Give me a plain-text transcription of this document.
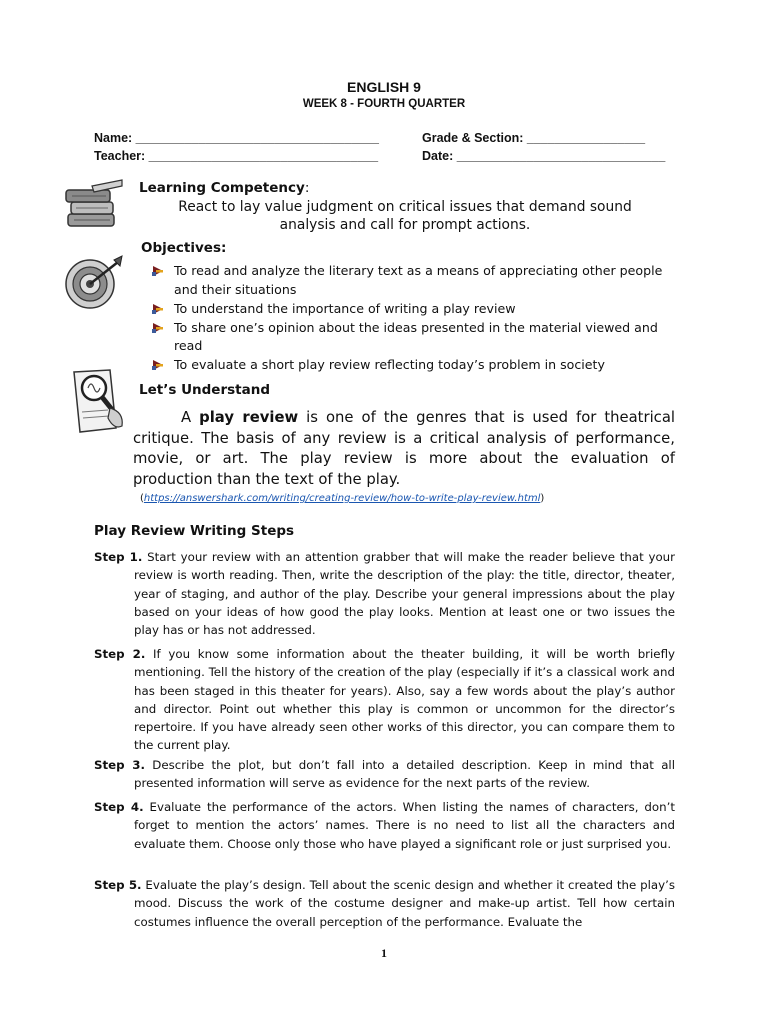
ENGLISH 9
WEEK 8 - FOURTH QUARTER
Name: ___________________________________
Teacher: _________________________________
Grade & Section: _________________
Date: ______________________________
Learning Competency:
React to lay value judgment on critical issues that demand sound analysis and call for prompt actions.
Objectives:
To read and analyze the literary text as a means of appreciating other people and their situations
To understand the importance of writing a play review
To share one’s opinion about the ideas presented in the material viewed and read
To evaluate a short play review reflecting today’s problem in society
Let’s Understand
A play review is one of the genres that is used for theatrical critique. The basis of any review is a critical analysis of performance, movie, or art. The play review is more about the evaluation of production than the text of the play.
(https://answershark.com/writing/creating-review/how-to-write-play-review.html)
Play Review Writing Steps
Step 1. Start your review with an attention grabber that will make the reader believe that your review is worth reading. Then, write the description of the play: the title, director, theater, year of staging, and author of the play. Describe your general impressions about the play based on your ideas of how good the play looks. Mention at least one or two issues the play has or has not addressed.
Step 2. If you know some information about the theater building, it will be worth briefly mentioning. Tell the history of the creation of the play (especially if it’s a classical work and has been staged in this theater for years). Also, say a few words about the play’s author and director. Point out whether this play is common or uncommon for the director’s repertoire. If you have already seen other works of this director, you can compare them to the current play.
Step 3. Describe the plot, but don’t fall into a detailed description. Keep in mind that all presented information will serve as evidence for the next parts of the review.
Step 4. Evaluate the performance of the actors. When listing the names of characters, don’t forget to mention the actors’ names. There is no need to list all the characters and evaluate them. Choose only those who have played a significant role or just surprised you.
Step 5. Evaluate the play’s design. Tell about the scenic design and whether it created the play’s mood. Discuss the work of the costume designer and make-up artist. Tell how certain costumes influence the overall perception of the performance. Evaluate the
1
